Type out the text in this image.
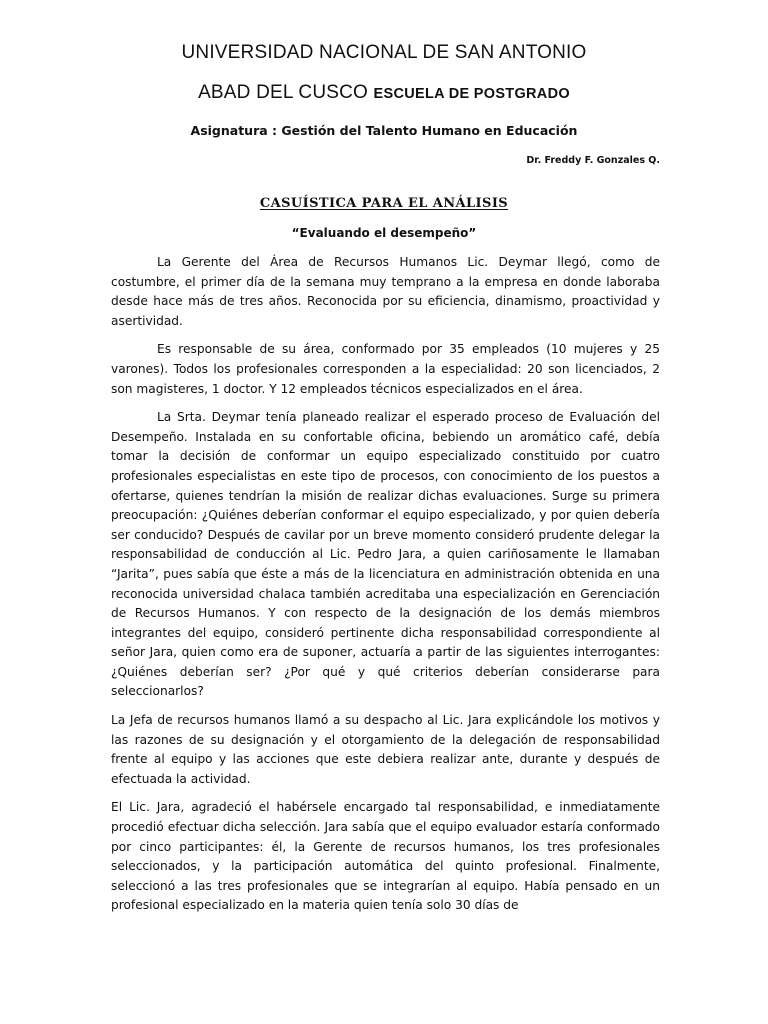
UNIVERSIDAD NACIONAL DE SAN ANTONIO
ABAD DEL CUSCO ESCUELA DE POSTGRADO
Asignatura : Gestión del Talento Humano en Educación
Dr. Freddy F. Gonzales Q.
CASUÍSTICA PARA EL ANÁLISIS
“Evaluando el desempeño”

La Gerente del Área de Recursos Humanos Lic. Deymar llegó, como de costumbre, el primer día de la semana muy temprano a la empresa en donde laboraba desde hace más de tres años. Reconocida por su eficiencia, dinamismo, proactividad y asertividad.

Es responsable de su área, conformado por 35 empleados (10 mujeres y 25 varones). Todos los profesionales corresponden a la especialidad: 20 son licenciados, 2 son magisteres, 1 doctor. Y 12 empleados técnicos especializados en el área.

La Srta. Deymar tenía planeado realizar el esperado proceso de Evaluación del Desempeño. Instalada en su confortable oficina, bebiendo un aromático café, debía tomar la decisión de conformar un equipo especializado constituido por cuatro profesionales especialistas en este tipo de procesos, con conocimiento de los puestos a ofertarse, quienes tendrían la misión de realizar dichas evaluaciones. Surge su primera preocupación: ¿Quiénes deberían conformar el equipo especializado, y por quien debería ser conducido? Después de cavilar por un breve momento consideró prudente delegar la responsabilidad de conducción al Lic. Pedro Jara, a quien cariñosamente le llamaban “Jarita”, pues sabía que éste a más de la licenciatura en administración obtenida en una reconocida universidad chalaca también acreditaba una especialización en Gerenciación de Recursos Humanos. Y con respecto de la designación de los demás miembros integrantes del equipo, consideró pertinente dicha responsabilidad correspondiente al señor Jara, quien como era de suponer, actuaría a partir de las siguientes interrogantes: ¿Quiénes deberían ser? ¿Por qué y qué criterios deberían considerarse para seleccionarlos?

La Jefa de recursos humanos llamó a su despacho al Lic. Jara explicándole los motivos y las razones de su designación y el otorgamiento de la delegación de responsabilidad frente al equipo y las acciones que este debiera realizar ante, durante y después de efectuada la actividad.

El Lic. Jara, agradeció el habérsele encargado tal responsabilidad, e inmediatamente procedió efectuar dicha selección. Jara sabía que el equipo evaluador estaría conformado por cinco participantes: él, la Gerente de recursos humanos, los tres profesionales seleccionados, y la participación automática del quinto profesional. Finalmente, seleccionó a las tres profesionales que se integrarían al equipo. Había pensado en un profesional especializado en la materia quien tenía solo 30 días de
